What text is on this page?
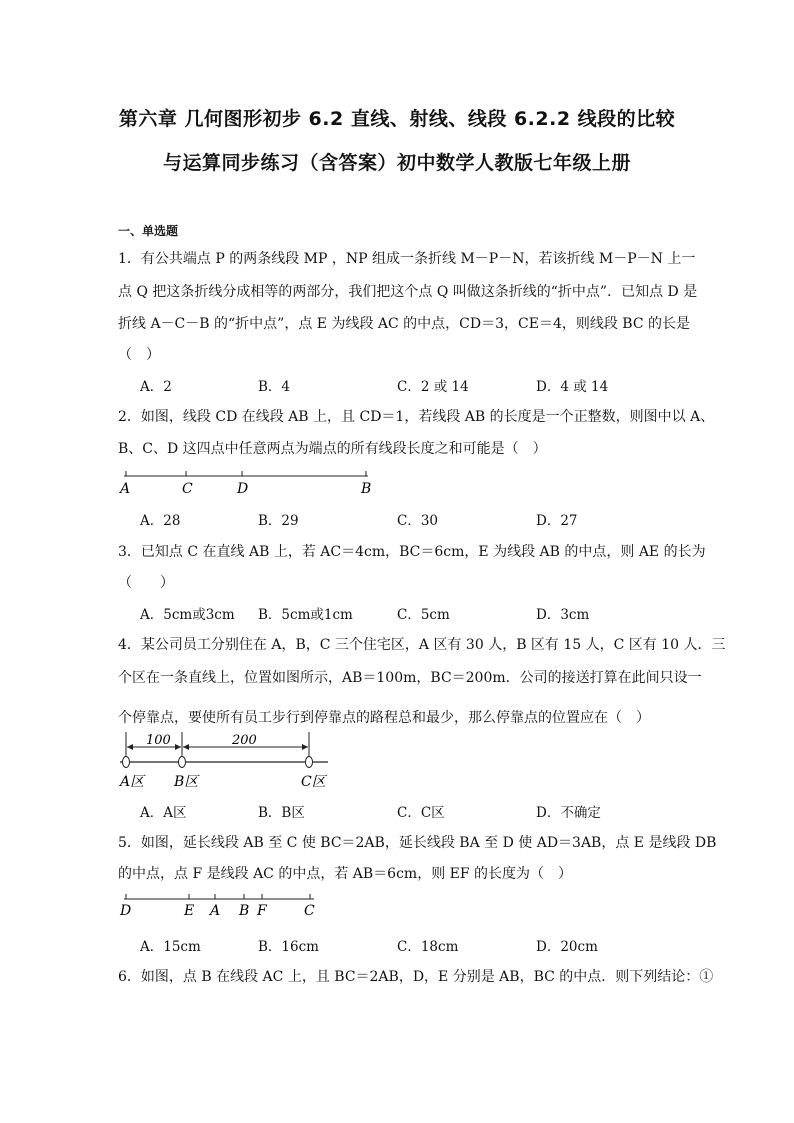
第六章 几何图形初步 6.2 直线、射线、线段 6.2.2 线段的比较
与运算同步练习（含答案）初中数学人教版七年级上册
一、单选题
1．有公共端点 P 的两条线段 MP ，NP 组成一条折线 M－P－N，若该折线 M－P－N 上一
点 Q 把这条折线分成相等的两部分，我们把这个点 Q 叫做这条折线的“折中点”．已知点 D 是
折线 A－C－B 的“折中点”，点 E 为线段 AC 的中点，CD＝3，CE＝4，则线段 BC 的长是
（　）
A．2	B．4	C．2 或 14	D．4 或 14
2．如图，线段 CD 在线段 AB 上，且 CD＝1，若线段 AB 的长度是一个正整数，则图中以 A、
B、C、D 这四点中任意两点为端点的所有线段长度之和可能是（　）
A	C	D	B
A．28	B．29	C．30	D．27
3．已知点 C 在直线 AB 上，若 AC＝4cm，BC＝6cm，E 为线段 AB 的中点，则 AE 的长为
（　　）
A．5cm或3cm B．5cm或1cm	C．5cm	D．3cm
4．某公司员工分别住在 A，B，C 三个住宅区，A 区有 30 人，B 区有 15 人，C 区有 10 人．三
个区在一条直线上，位置如图所示，AB＝100m，BC＝200m．公司的接送打算在此间只设一
个停靠点，要使所有员工步行到停靠点的路程总和最少，那么停靠点的位置应在（　）
100	200
A区 B区	C区
A．A区	B．B区	C．C区	D．不确定
5．如图，延长线段 AB 至 C 使 BC＝2AB，延长线段 BA 至 D 使 AD＝3AB，点 E 是线段 DB
的中点，点 F 是线段 AC 的中点，若 AB＝6cm，则 EF 的长度为（　）
D	E A B F	C
A．15cm	B．16cm	C．18cm	D．20cm
6．如图，点 B 在线段 AC 上，且 BC＝2AB，D，E 分别是 AB，BC 的中点．则下列结论：①
